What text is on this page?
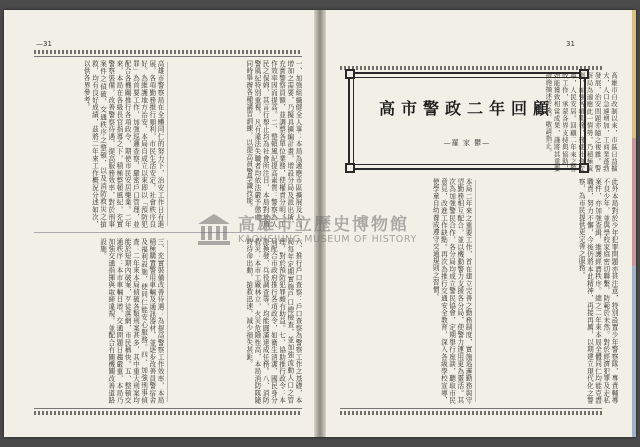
—31
高雄市警察局在全體同仁的努力下，治安工作日有進展，各項勤務推行順利，市民生活安定，社會秩序良好。為維護地方治安，本局自成立以來即以「預防犯罪」為首要工作，加強巡邏查察，嚴密戶口管理，並配合各機關推行各項政令，期使市民安居樂業。二年來，本局在各級長官指導之下，積極整頓風紀，充實警察裝備，改善警察待遇，提高服務效率，對於刑事案件之偵破，交通秩序之整頓，以及消防救災之搶救，均有良好成績，茲將二年來工作概況分述如次，以供各界參考。	一、加強組織健全人事：本局為適應市區擴展及人口增加之需要，乃擬具擴編計畫，增設分局及派出所，充實警察員額，並調整各單位業務，使權責分明，工作效率因而提高。二、整頓風紀提高素質：警察為人民之保姆，其言行舉止均為社會所注目，本局對於員警風紀特別重視，凡有違法失職者均依法嚴予懲處，同時舉辦各種講習訓練，以提高員警學識技能。
三、充實裝備改善待遇：為提高警察工作效率，本局積極購置警用車輛及通訊器材，並逐步改善員警宿舍及福利設施，使同仁能安心服務。四、加強刑事偵查：二年來本局偵破各類刑案甚多，其中重大刑案均能於短期內破案，歹徒落網，市民稱快。五、整頓交通秩序：本市車輛日增，交通問題日趨嚴重，本局乃加強交通指揮與取締違規，並配合有關機關改善道路設施。	六、推行戶口查察：戶口查察為警察工作之基礎，本局每年定期實施戶口總檢查，並加強流動人口之管理，對於預防犯罪頗有助益。七、協助推行政令：本局配合市政府推行各項政令，如衛生清潔、國民身分證換發、兵役調查等，均能圓滿達成任務。八、消防救災：本市工廠林立，火災危險性高，本局消防隊隨時待命出動，搶救迅速，減少損失甚鉅。
31
高市警政二年回顧
—羅 家 鬱—	高雄市自改制以來，市區日益擴大，人口急遽增加，工商業蓬勃發展，治安問題亦隨之複雜。警察局為適應此一情勢，乃積極策劃，加強各項勤務，務使社會安寧，人民安居。回顧二年來之警政工作，承蒙各界支持與協助，始能獲致相當成果，謹將其重要措施摘述於後，敬請指正。
本局二年來之重要工作，首在建立完善之勤務制度，實施巡邏勤務與守望勤務相互配合，並以機動警力支援各分局，使警力運用更為靈活。其次為加強警民合作，各分局均成立警民協會，定期舉行座談，聽取市民意見，改進工作缺點。再次為推行交通安全教育，深入各級學校宣導，使學童自幼養成遵守交通規則之習慣。	此外本局對於少年犯罪問題亦甚注意，特別設置少年警察隊，專責輔導不良少年，並與學校家庭密切聯繫，防範於未然。對於經濟犯罪及走私案件，亦加強查緝，維護經濟秩序。總之二年來本局全體同仁均能克盡職責，努力不懈，今後仍將本此精神，再接再厲，以期建立現代化之警察，為市民提供更完善之服務。
高雄市立歷史博物館
KAOHSIUNG MUSEUM OF HISTORY
